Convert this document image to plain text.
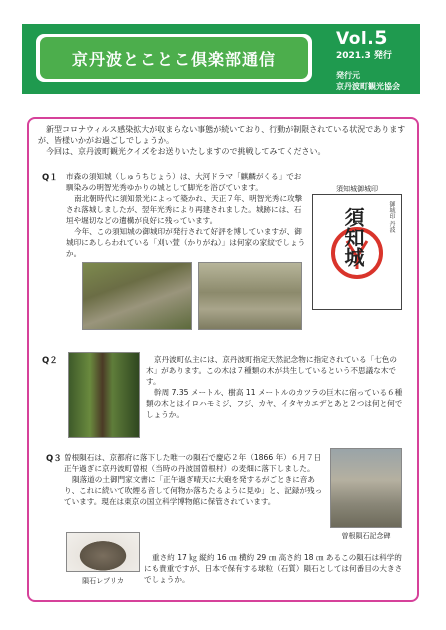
京丹波とことこ倶楽部通信
Vol.5
2021.3 発行
発行元
京丹波町観光協会

新型コロナウィルス感染拡大が収まらない事態が続いており、行動が制限されている状況でありますが、皆様いかがお過ごしでしょうか。

今回は、京丹波町観光クイズをお送りいたしますので挑戦してみてください。

Q１ 市森の須知城（しゅうちじょう）は、大河ドラマ「麒麟がくる」でお馴染みの明智光秀ゆかりの城として脚光を浴びています。

南北朝時代に須知景光によって築かれ、天正７年、明智光秀に攻撃され落城しましたが、翌年光秀により再建されました。城跡には、石垣や堀切などの遺構が良好に残っています。

今年、この須知城の御城印が発行されて好評を博していますが、御城印にあしらわれている「刈い萱（かりがね）」は何家の家紋でしょうか。

須知城御城印
御城印 丹波
須知城
Q２	京丹波町仏主には、京丹波町指定天然記念物に指定されている「七色の木」があります。この木は７種類の木が共生しているという不思議な木です。

幹周 7.35 メートル、樹高 11 メートルのカツラの巨木に宿っている６種類の木とはイロハモミジ、フジ、カヤ、イタヤカエデとあと２つは何と何でしょうか。

Q３ 曽根隕石は、京都府に落下した唯一の隕石で慶応２年（1866 年）６月７日正午過ぎに京丹波町曽根（当時の丹波国曽根村）の麦畑に落下しました。

隕落道の土御門家文書に「正午過ぎ晴天に大砲を発するがごときに音あり、これに続いて吹煙る音して何物か落ちたるように見ゆ」と、記録が残っています。現在は東京の国立科学博物館に保管されています。

重さ約 17 ㎏ 縦約 16 ㎝ 横約 29 ㎝ 高さ約 18 ㎝ あるこの隕石は科学的にも貴重ですが、日本で保有する球粒（石質）隕石としては何番目の大きさでしょうか。

曽根隕石記念碑
隕石レプリカ
